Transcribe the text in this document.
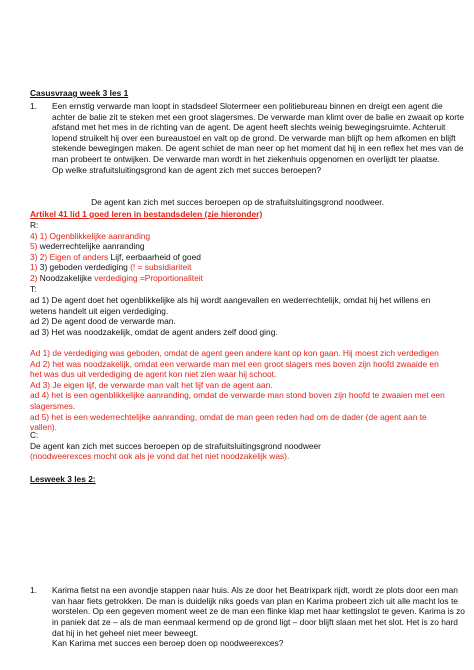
Casusvraag week 3 les 1
1. Een ernstig verwarde man loopt in stadsdeel Slotermeer een politiebureau binnen en dreigt een agent die achter de balie zit te steken met een groot slagersmes. De verwarde man klimt over de balie en zwaait op korte afstand met het mes in de richting van de agent. De agent heeft slechts weinig bewegingsruimte. Achteruit lopend struikelt hij over een bureaustoel en valt op de grond. De verwarde man blijft op hem afkomen en blijft stekende bewegingen maken. De agent schiet de man neer op het moment dat hij in een reflex het mes van de man probeert te ontwijken. De verwarde man wordt in het ziekenhuis opgenomen en overlijdt ter plaatse.
Op welke strafuitsluitingsgrond kan de agent zich met succes beroepen?
De agent kan zich met succes beroepen op de strafuitsluitingsgrond noodweer.
Artikel 41 lid 1 goed leren in bestandsdelen (zie hieronder)
R:
4) 1) Ogenblikkelijke aanranding
5) wederrechtelijke aanranding
3) 2) Eigen of anders Lijf, eerbaarheid of goed
1) 3) geboden verdediging (! = subsidiariteit
2) Noodzakelijke verdediging =Proportionaliteit
T:
ad 1) De agent doet het ogenblikkelijke als hij wordt aangevallen en wederrechtelijk, omdat hij het willens en wetens handelt uit eigen verdediging.
ad 2) De agent dood de verwarde man.
ad 3) Het was noodzakelijk, omdat de agent anders zelf dood ging.
Ad 1) de verdediging was geboden, omdat de agent geen andere kant op kon gaan. Hij moest zich verdedigen
Ad 2) het was noodzakelijk, omdat een verwarde man met een groot slagers mes boven zijn hoofd zwaaide en het was dus uit verdediging de agent kon niet zien waar hij schoot.
Ad 3) Je eigen lijf, de verwarde man valt het lijf van de agent aan.
ad 4) het is een ogenblikkelijke aanranding, omdat de verwarde man stond boven zijn hoofd te zwaaien met een slagersmes.
ad 5) het is een wederrechtelijke aanranding, omdat de man geen reden had om de dader (de agent aan te vallen).
C:
De agent kan zich met succes beroepen op de strafuitsluitingsgrond noodweer
(noodweerexces mocht ook als je vond dat het niet noodzakelijk was).
Lesweek 3 les 2:
1. Karima fietst na een avondje stappen naar huis. Als ze door het Beatrixpark rijdt, wordt ze plots door een man van haar fiets getrokken. De man is duidelijk niks goeds van plan en Karima probeert zich uit alle macht los te worstelen. Op een gegeven moment weet ze de man een flinke klap met haar kettingslot te geven. Karima is zo in paniek dat ze – als de man eenmaal kermend op de grond ligt – door blijft slaan met het slot. Het is zo hard dat hij in het geheel niet meer beweegt.
Kan Karima met succes een beroep doen op noodweerexces?
